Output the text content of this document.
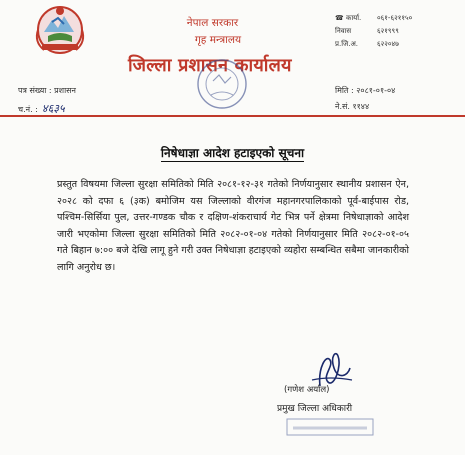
नेपाल सरकार
गृह मन्त्रालय
जिल्ला प्रशासन कार्यालय
☎ कार्या. ०६१-६२११५०
निवास	६२१९९९
प्र.जि.अ.	६२२०४७
पत्र संख्या : प्रशासन
च.नं. : ४६३५
मिति : २०८१-०१-०४
ने.सं. ११४४
निषेधाज्ञा आदेश हटाइएको सूचना
प्रस्तुत विषयमा जिल्ला सुरक्षा समितिको मिति २०८१-१२-३१ गतेको निर्णयानुसार स्थानीय प्रशासन ऐन, २०२८ को दफा ६ (३क) बमोजिम यस जिल्लाको वीरगंज महानगरपालिकाको पूर्व-बाईपास रोड, पश्चिम-सिर्सिया पुल, उत्तर-गण्डक चौक र दक्षिण-शंकराचार्य गेट भित्र पर्ने क्षेत्रमा निषेधाज्ञाको आदेश जारी भएकोमा जिल्ला सुरक्षा समितिको मिति २०८२-०१-०४ गतेको निर्णयानुसार मिति २०८२-०१-०५ गते बिहान ७:०० बजे देखि लागू हुने गरी उक्त निषेधाज्ञा हटाइएको व्यहोरा सम्बन्धित सबैमा जानकारीको लागि अनुरोध छ।
(गणेश अर्याल)
प्रमुख जिल्ला अधिकारी
